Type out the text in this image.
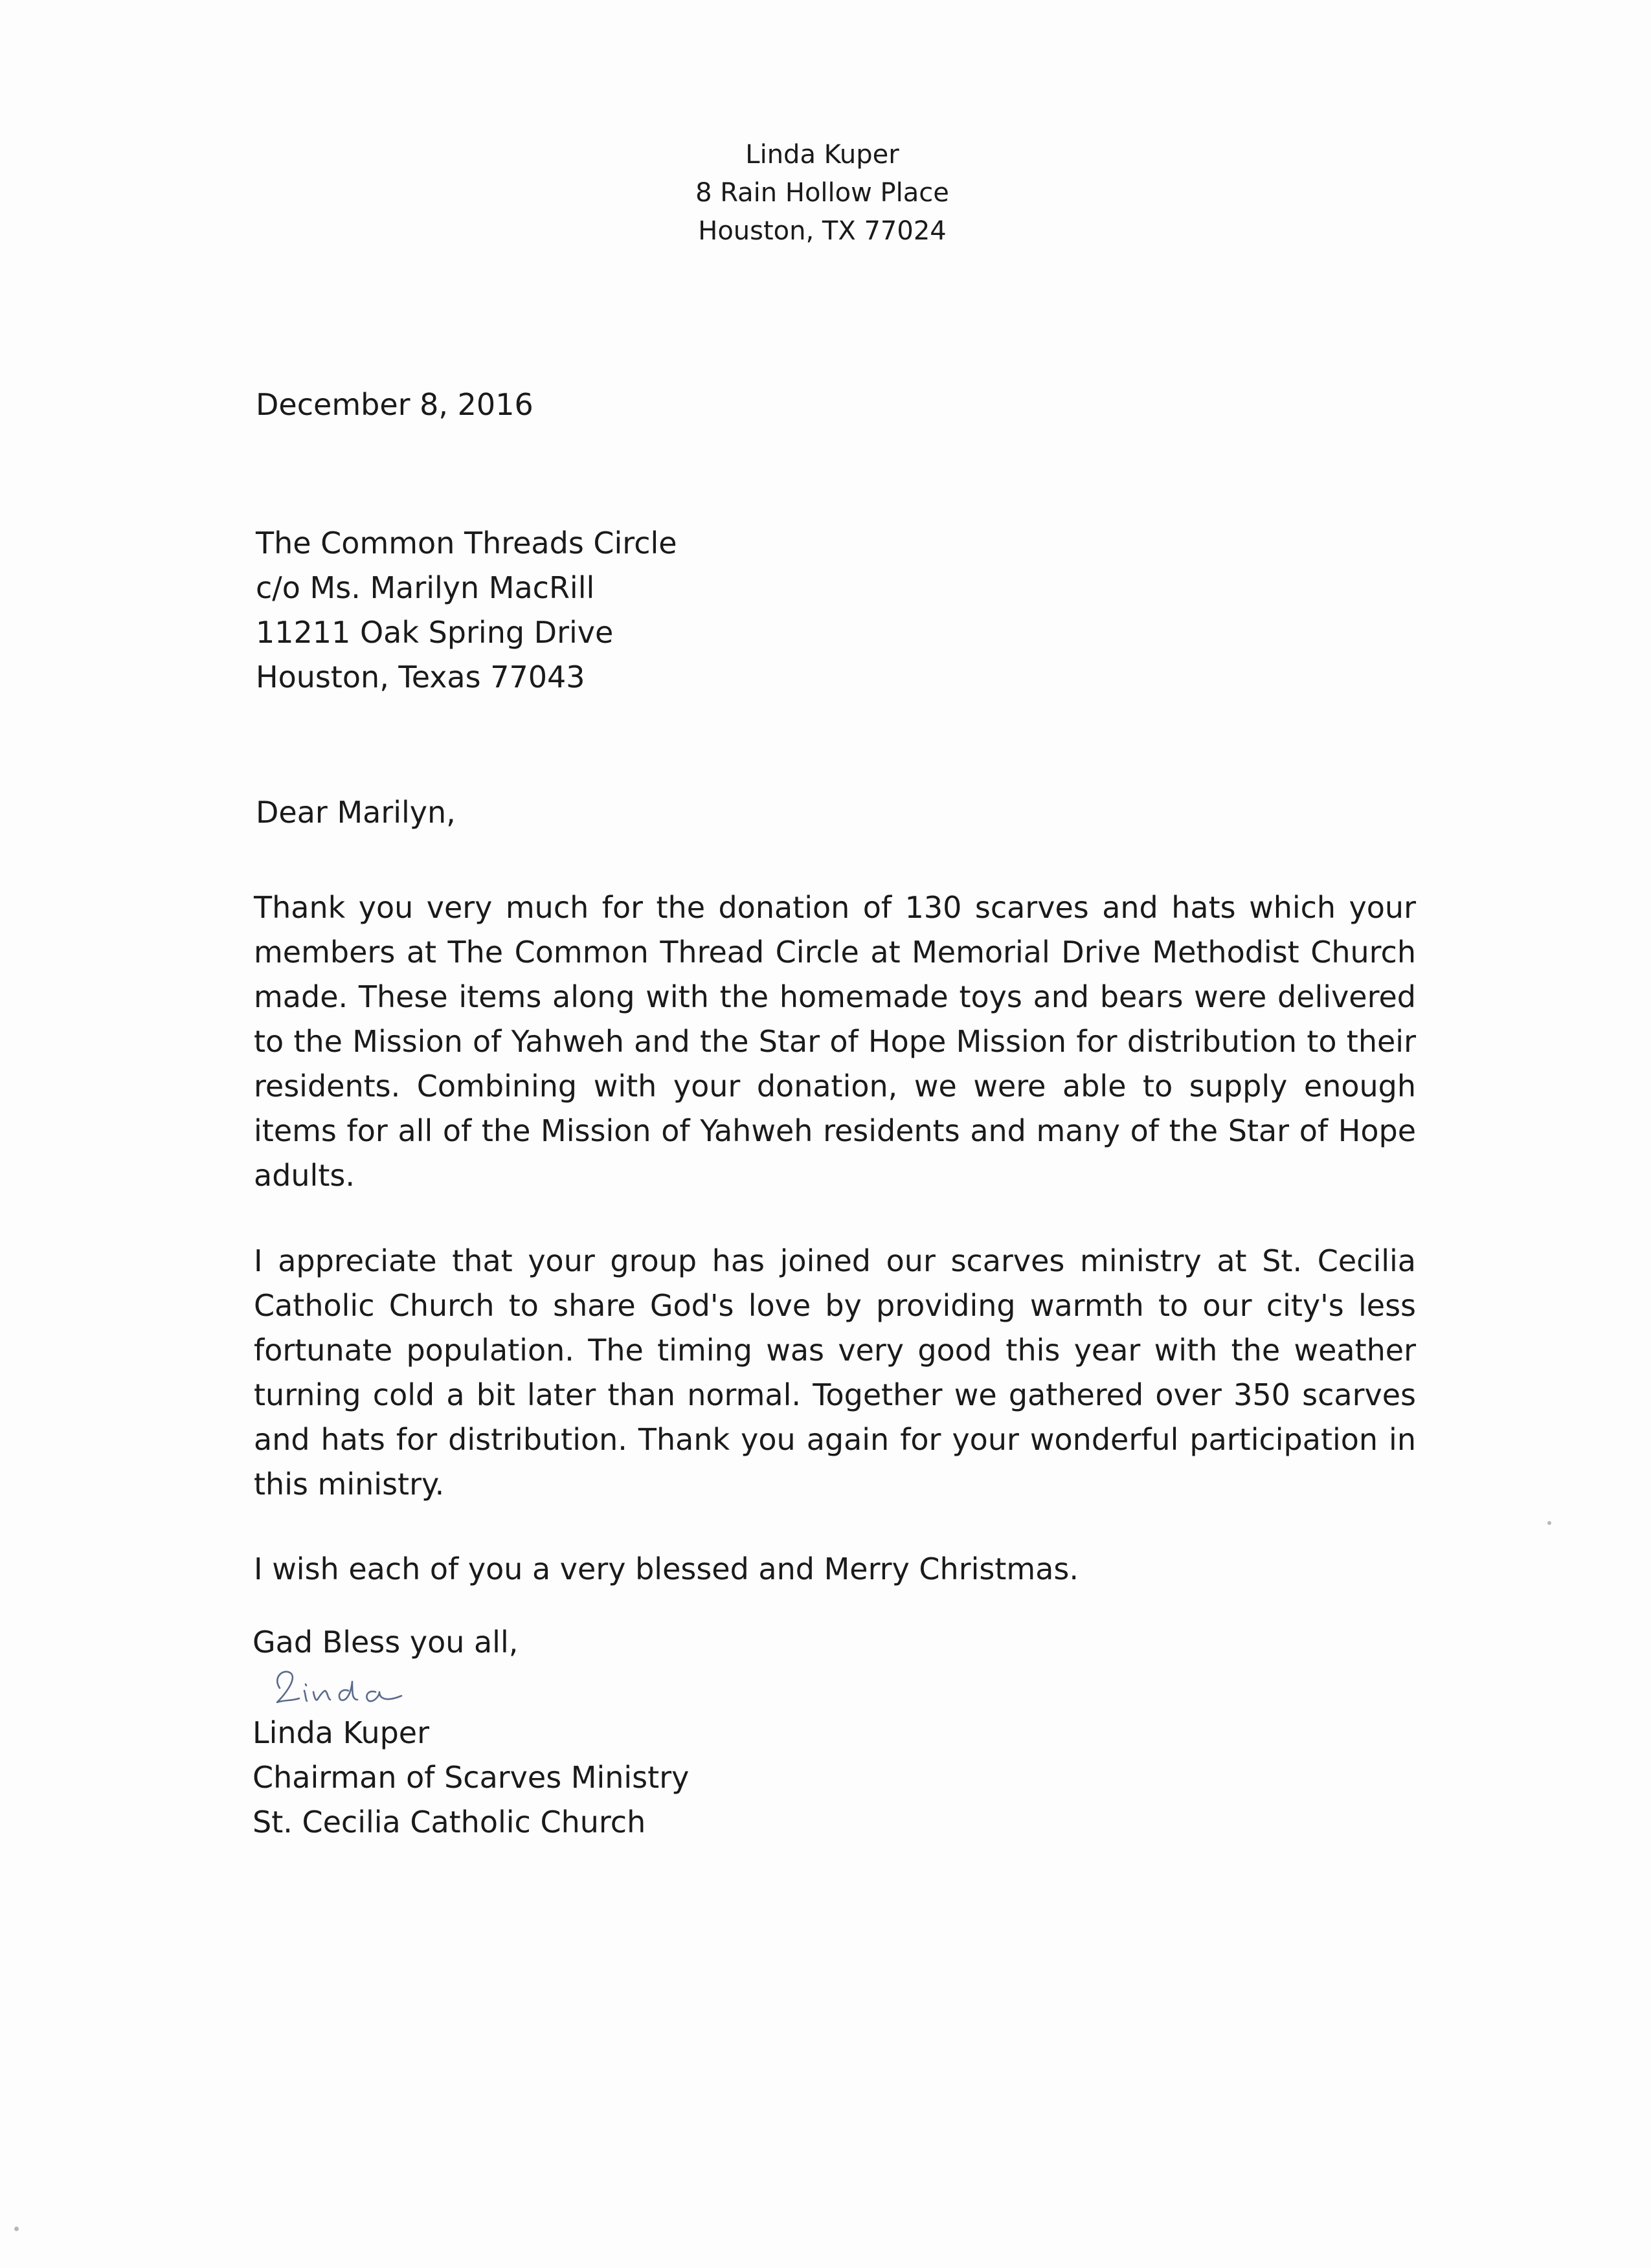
Linda Kuper
8 Rain Hollow Place
Houston, TX 77024
December 8, 2016
The Common Threads Circle
c/o Ms. Marilyn MacRill
11211 Oak Spring Drive
Houston, Texas 77043
Dear Marilyn,
Thank you very much for the donation of 130 scarves and hats which your members at The Common Thread Circle at Memorial Drive Methodist Church made. These items along with the homemade toys and bears were delivered to the Mission of Yahweh and the Star of Hope Mission for distribution to their residents. Combining with your donation, we were able to supply enough items for all of the Mission of Yahweh residents and many of the Star of Hope adults.
I appreciate that your group has joined our scarves ministry at St. Cecilia Catholic Church to share God's love by providing warmth to our city's less fortunate population. The timing was very good this year with the weather turning cold a bit later than normal. Together we gathered over 350 scarves and hats for distribution. Thank you again for your wonderful participation in this ministry.
I wish each of you a very blessed and Merry Christmas.
Gad Bless you all,
Linda Kuper
Chairman of Scarves Ministry
St. Cecilia Catholic Church
